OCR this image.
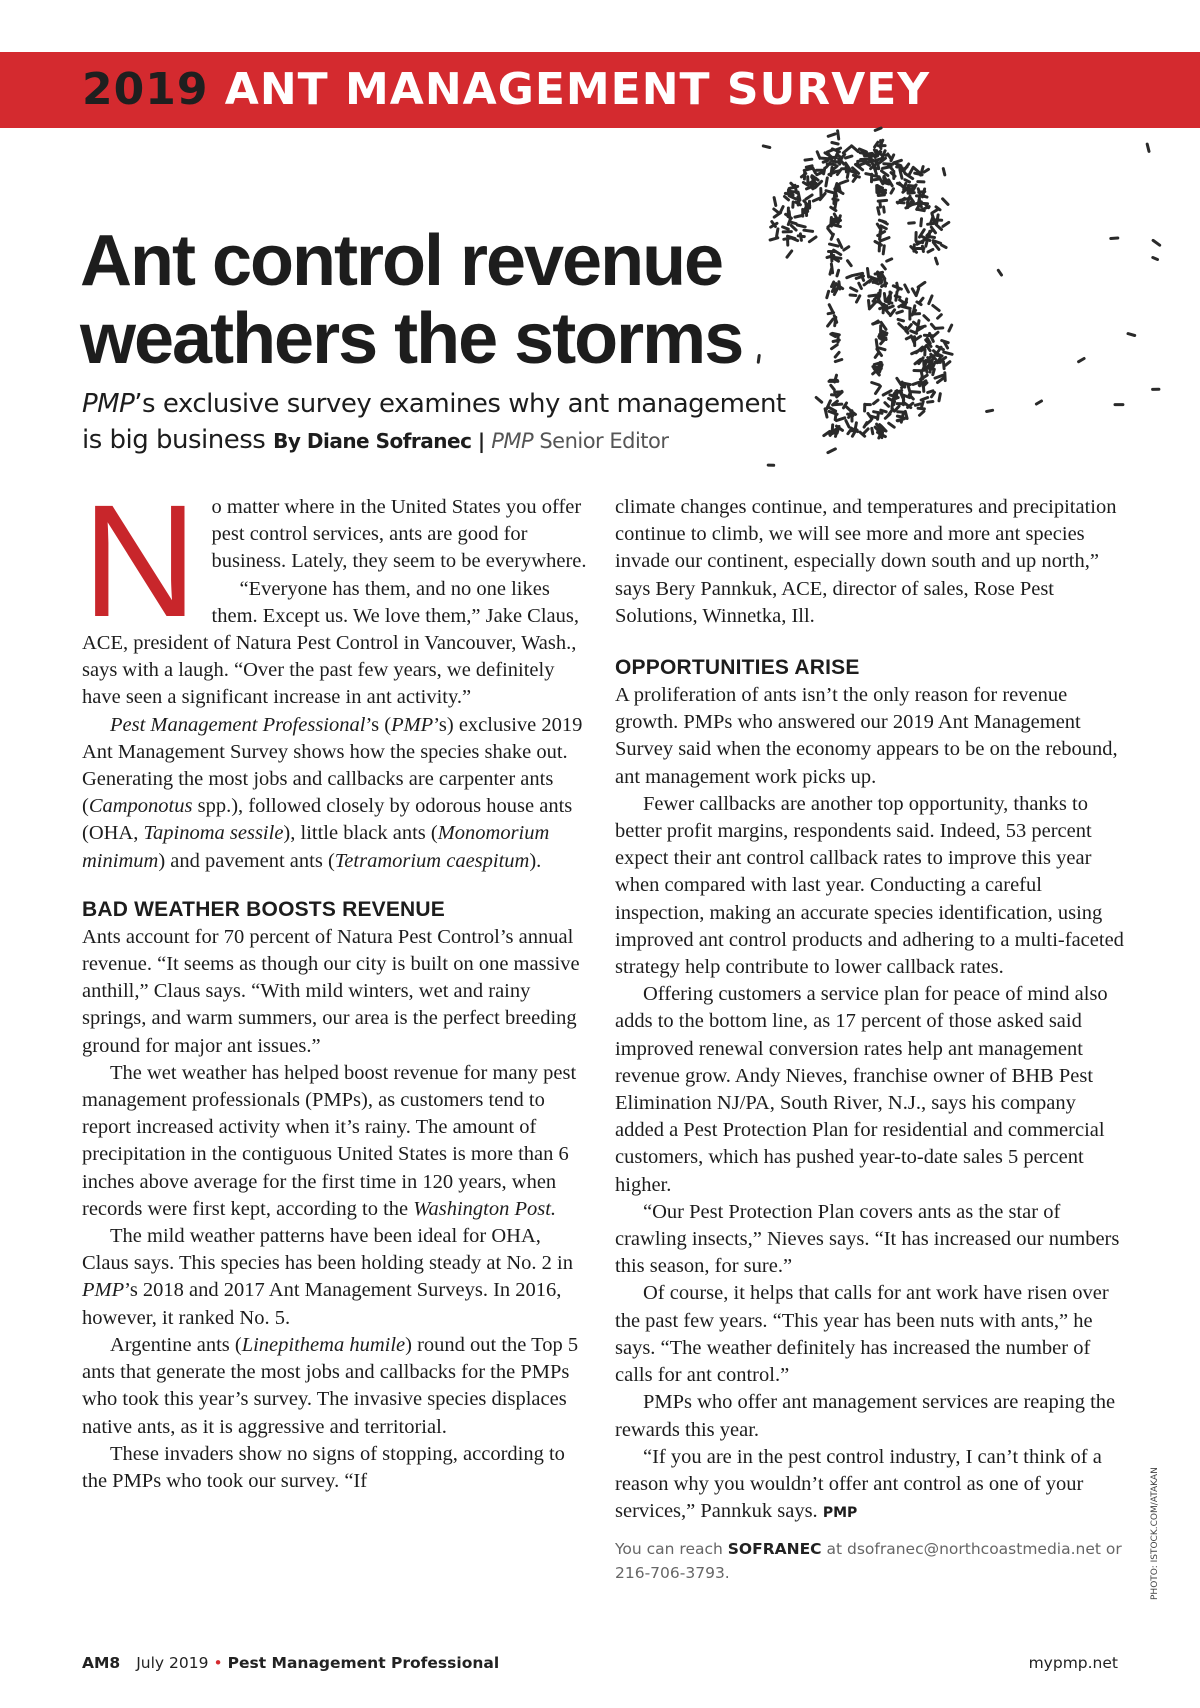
2019 ANT MANAGEMENT SURVEY
Ant control revenue weathers the storms
PMP’s exclusive survey examines why ant management is big business By Diane Sofranec | PMP Senior Editor
N o matter where in the United States you offer pest control services, ants are good for business. Lately, they seem to be everywhere.

“Everyone has them, and no one likes them. Except us. We love them,” Jake Claus, ACE, president of Natura Pest Control in Vancouver, Wash., says with a laugh. “Over the past few years, we definitely have seen a significant increase in ant activity.”

Pest Management Professional’s (PMP’s) exclusive 2019 Ant Management Survey shows how the species shake out. Generating the most jobs and callbacks are carpenter ants (Camponotus spp.), followed closely by odorous house ants (OHA, Tapinoma sessile), little black ants (Monomorium minimum) and pavement ants (Tetramorium caespitum).

BAD WEATHER BOOSTS REVENUE

Ants account for 70 percent of Natura Pest Control’s annual revenue. “It seems as though our city is built on one massive anthill,” Claus says. “With mild winters, wet and rainy springs, and warm summers, our area is the perfect breeding ground for major ant issues.”

The wet weather has helped boost revenue for many pest management professionals (PMPs), as customers tend to report increased activity when it’s rainy. The amount of precipitation in the contiguous United States is more than 6 inches above average for the first time in 120 years, when records were first kept, according to the Washington Post.

The mild weather patterns have been ideal for OHA, Claus says. This species has been holding steady at No. 2 in PMP’s 2018 and 2017 Ant Management Surveys. In 2016, however, it ranked No. 5.

Argentine ants (Linepithema humile) round out the Top 5 ants that generate the most jobs and callbacks for the PMPs who took this year’s survey. The invasive species displaces native ants, as it is aggressive and territorial.

These invaders show no signs of stopping, according to the PMPs who took our survey. “If

climate changes continue, and temperatures and precipitation continue to climb, we will see more and more ant species invade our continent, especially down south and up north,” says Bery Pannkuk, ACE, director of sales, Rose Pest Solutions, Winnetka, Ill.

OPPORTUNITIES ARISE

A proliferation of ants isn’t the only reason for revenue growth. PMPs who answered our 2019 Ant Management Survey said when the economy appears to be on the rebound, ant management work picks up.

Fewer callbacks are another top opportunity, thanks to better profit margins, respondents said. Indeed, 53 percent expect their ant control callback rates to improve this year when compared with last year. Conducting a careful inspection, making an accurate species identification, using improved ant control products and adhering to a multi-faceted strategy help contribute to lower callback rates.

Offering customers a service plan for peace of mind also adds to the bottom line, as 17 percent of those asked said improved renewal conversion rates help ant management revenue grow. Andy Nieves, franchise owner of BHB Pest Elimination NJ/PA, South River, N.J., says his company added a Pest Protection Plan for residential and commercial customers, which has pushed year-to-date sales 5 percent higher.

“Our Pest Protection Plan covers ants as the star of crawling insects,” Nieves says. “It has increased our numbers this season, for sure.”

Of course, it helps that calls for ant work have risen over the past few years. “This year has been nuts with ants,” he says. “The weather definitely has increased the number of calls for ant control.”

PMPs who offer ant management services are reaping the rewards this year.

“If you are in the pest control industry, I can’t think of a reason why you wouldn’t offer ant control as one of your services,” Pannkuk says. PMP

You can reach SOFRANEC at dsofranec@northcoastmedia.net or 216-706-3793.	PHOTO: ISTOCK.COM/ATAKAN
AM8 July 2019 • Pest Management Professional	mypmp.net
